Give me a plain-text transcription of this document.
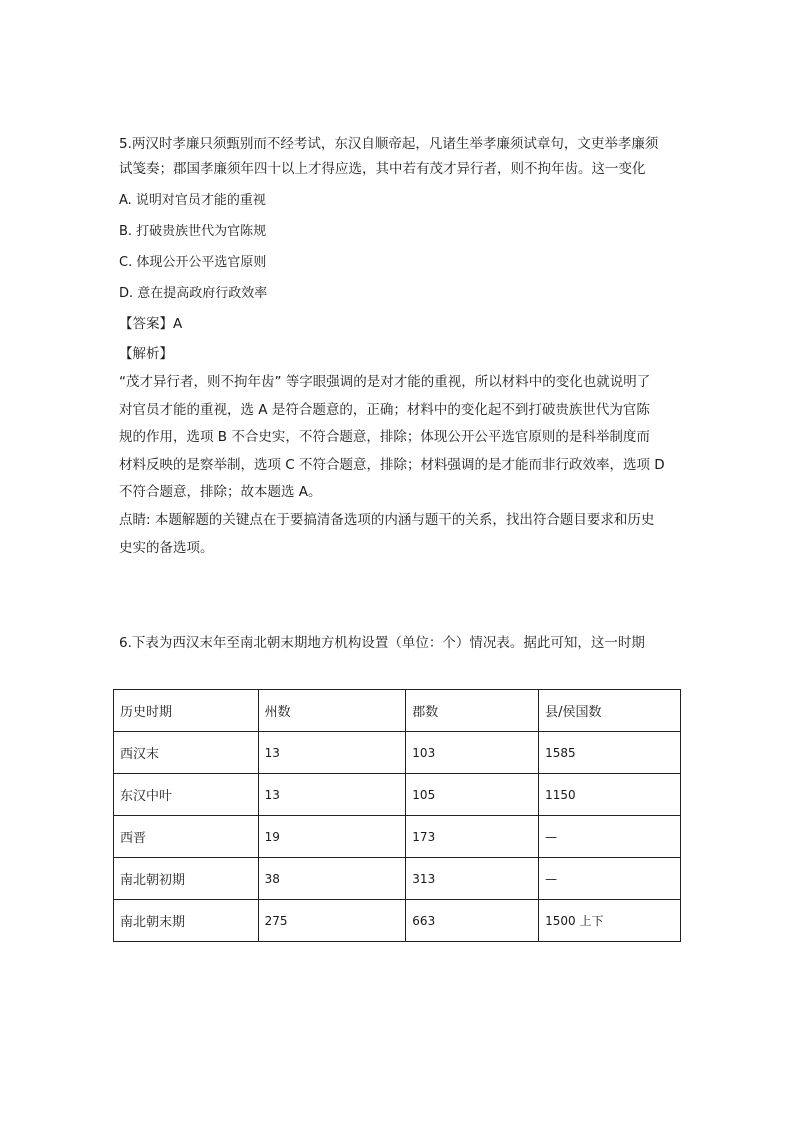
5.两汉时孝廉只须甄别而不经考试，东汉自顺帝起，凡诸生举孝廉须试章句，文吏举孝廉须
试笺奏；郡国孝廉须年四十以上才得应选，其中若有茂才异行者，则不拘年齿。这一变化

A. 说明对官员才能的重视

B. 打破贵族世代为官陈规

C. 体现公开公平选官原则

D. 意在提高政府行政效率

【答案】A

【解析】

“茂才异行者，则不拘年齿” 等字眼强调的是对才能的重视，所以材料中的变化也就说明了
对官员才能的重视，选 A 是符合题意的，正确；材料中的变化起不到打破贵族世代为官陈
规的作用，选项 B 不合史实，不符合题意，排除；体现公开公平选官原则的是科举制度而
材料反映的是察举制，选项 C 不符合题意，排除；材料强调的是才能而非行政效率，选项 D
不符合题意，排除；故本题选 A。

点睛: 本题解题的关键点在于要搞清备选项的内涵与题干的关系，找出符合题目要求和历史
史实的备选项。

6.下表为西汉末年至南北朝末期地方机构设置（单位：个）情况表。据此可知，这一时期
历史时期	州数	郡数	县/侯国数
西汉末	13	103	1585
东汉中叶	13	105	1150
西晋	19	173	—
南北朝初期	38	313	—
南北朝末期	275	663	1500 上下
